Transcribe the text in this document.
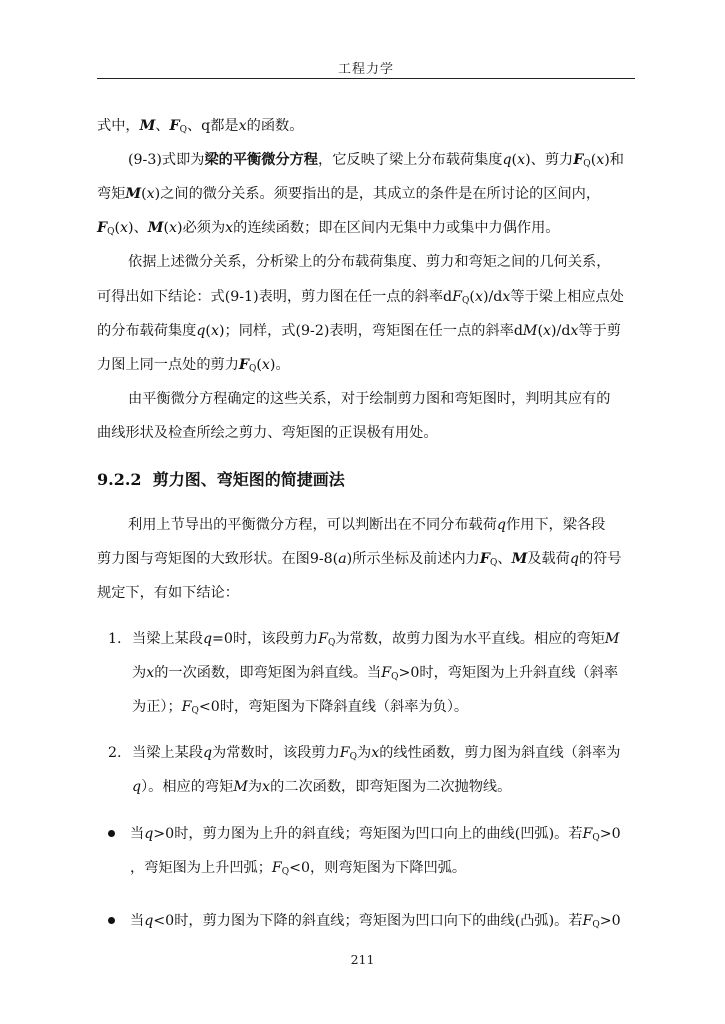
工程力学
式中，M、$F_Q$、q都是x的函数。
(9-3)式即为梁的平衡微分方程，它反映了梁上分布载荷集度q(x)、剪力$F_Q(x)$和
弯矩M(x)之间的微分关系。须要指出的是，其成立的条件是在所讨论的区间内，
$F_Q(x)$、M(x)必须为x的连续函数；即在区间内无集中力或集中力偶作用。
依据上述微分关系，分析梁上的分布载荷集度、剪力和弯矩之间的几何关系，
可得出如下结论：式(9-1)表明，剪力图在任一点的斜率$dF_Q(x)/dx$等于梁上相应点处
的分布载荷集度q(x)；同样，式(9-2)表明，弯矩图在任一点的斜率dM(x)/dx等于剪
力图上同一点处的剪力$F_Q(x)$。
由平衡微分方程确定的这些关系，对于绘制剪力图和弯矩图时，判明其应有的
曲线形状及检查所绘之剪力、弯矩图的正误极有用处。
9.2.2 剪力图、弯矩图的简捷画法
利用上节导出的平衡微分方程，可以判断出在不同分布载荷q作用下，梁各段
剪力图与弯矩图的大致形状。在图9-8(a)所示坐标及前述内力$F_Q$、M及载荷q的符号
规定下，有如下结论：
1. 当梁上某段q=0时，该段剪力$F_Q$为常数，故剪力图为水平直线。相应的弯矩M
为x的一次函数，即弯矩图为斜直线。当$F_Q>0$时，弯矩图为上升斜直线（斜率
为正）；$F_Q<0$时，弯矩图为下降斜直线（斜率为负）。
2. 当梁上某段q为常数时，该段剪力$F_Q$为x的线性函数，剪力图为斜直线（斜率为
q）。相应的弯矩M为x的二次函数，即弯矩图为二次抛物线。
当q>0时，剪力图为上升的斜直线；弯矩图为凹口向上的曲线(凹弧)。若$F_Q>0$
，弯矩图为上升凹弧；$F_Q<0$，则弯矩图为下降凹弧。
当q<0时，剪力图为下降的斜直线；弯矩图为凹口向下的曲线(凸弧)。若$F_Q>0$
211
